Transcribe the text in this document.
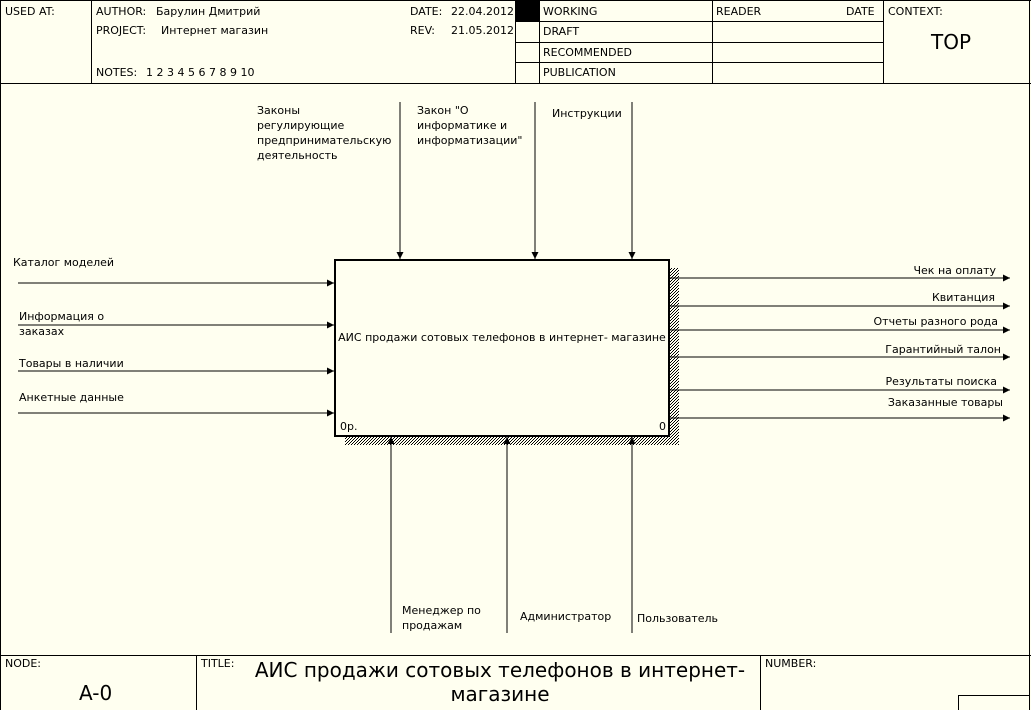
USED AT:	AUTHOR: Барулин Дмитрий
PROJECT: Интернет магазин
NOTES: 1 2 3 4 5 6 7 8 9 10
DATE: 22.04.2012
REV: 21.05.2012
WORKING
DRAFT
RECOMMENDED
PUBLICATION
READER	DATE CONTEXT:
TOP
АИС продажи сотовых телефонов в интернет- магазине
0р.	0
Законы
регулирующие
предпринимательскую
деятельность
Закон "О
информатике и
информатизации"
Инструкции
Каталог моделей
Информация о
заказах
Товары в наличии
Анкетные данные
Чек на оплату
Квитанция
Отчеты разного рода
Гарантийный талон
Результаты поиска
Заказанные товары
Менеджер по
продажам
Администратор Пользователь
NODE:
A-0
TITLE: АИС продажи сотовых телефонов в интернет-магазине
NUMBER:
